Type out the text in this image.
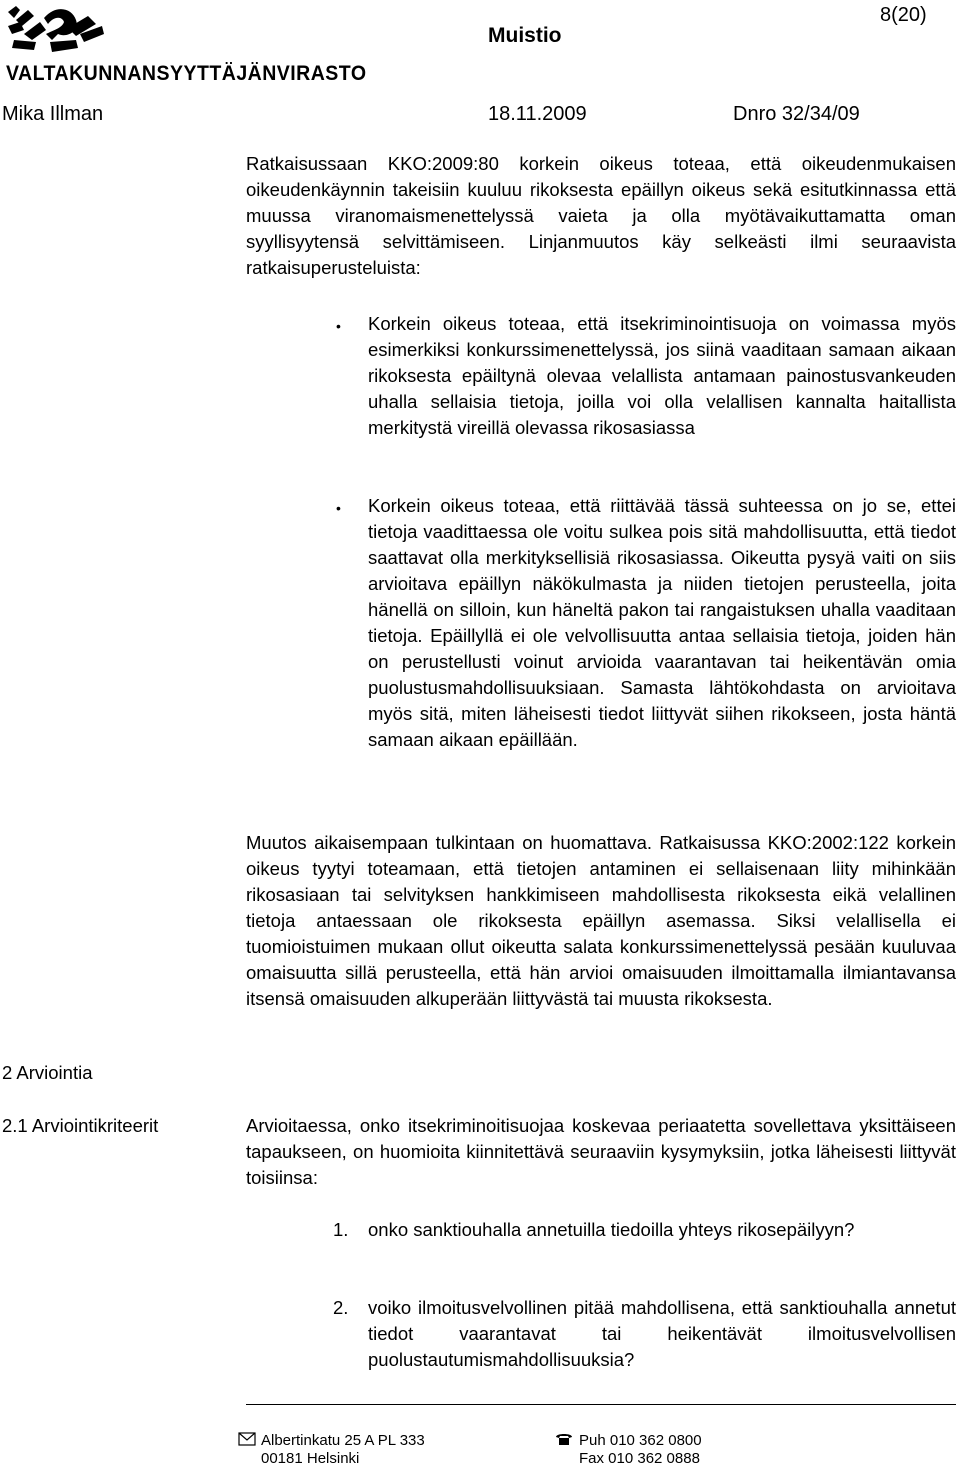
VALTAKUNNANSYYTTÄJÄNVIRASTO
Muistio
8(20)
Mika Illman	18.11.2009	Dnro 32/34/09
Ratkaisussaan KKO:2009:80 korkein oikeus toteaa, että oikeudenmukaisen oikeudenkäynnin takeisiin kuuluu rikoksesta epäillyn oikeus sekä esitutkinnassa että muussa viranomaismenettelyssä vaieta ja olla myötävaikuttamatta oman syyllisyytensä selvittämiseen. Linjanmuutos käy selkeästi ilmi seuraavista ratkaisuperusteluista:
• Korkein oikeus toteaa, että itsekriminointisuoja on voimassa myös esimerkiksi konkurssimenettelyssä, jos siinä vaaditaan samaan aikaan rikoksesta epäiltynä olevaa velallista antamaan painostusvankeuden uhalla sellaisia tietoja, joilla voi olla velallisen kannalta haitallista merkitystä vireillä olevassa rikosasiassa
• Korkein oikeus toteaa, että riittävää tässä suhteessa on jo se, ettei tietoja vaadittaessa ole voitu sulkea pois sitä mahdollisuutta, että tiedot saattavat olla merkityksellisiä rikosasiassa. Oikeutta pysyä vaiti on siis arvioitava epäillyn näkökulmasta ja niiden tietojen perusteella, joita hänellä on silloin, kun häneltä pakon tai rangaistuksen uhalla vaaditaan tietoja. Epäillyllä ei ole velvollisuutta antaa sellaisia tietoja, joiden hän on perustellusti voinut arvioida vaarantavan tai heikentävän omia puolustusmahdollisuuksiaan. Samasta lähtökohdasta on arvioitava myös sitä, miten läheisesti tiedot liittyvät siihen rikokseen, josta häntä samaan aikaan epäillään.
Muutos aikaisempaan tulkintaan on huomattava. Ratkaisussa KKO:2002:122 korkein oikeus tyytyi toteamaan, että tietojen antaminen ei sellaisenaan liity mihinkään rikosasiaan tai selvityksen hankkimiseen mahdollisesta rikoksesta eikä velallinen tietoja antaessaan ole rikoksesta epäillyn asemassa. Siksi velallisella ei tuomioistuimen mukaan ollut oikeutta salata konkurssimenettelyssä pesään kuuluvaa omaisuutta sillä perusteella, että hän arvioi omaisuuden ilmoittamalla ilmiantavansa itsensä omaisuuden alkuperään liittyvästä tai muusta rikoksesta.
2 Arviointia
2.1 Arviointikriteerit	Arvioitaessa, onko itsekriminoitisuojaa koskevaa periaatetta sovellettava yksittäiseen tapaukseen, on huomioita kiinnitettävä seuraaviin kysymyksiin, jotka läheisesti liittyvät toisiinsa:
1. onko sanktiouhalla annetuilla tiedoilla yhteys rikosepäilyyn?
2. voiko ilmoitusvelvollinen pitää mahdollisena, että sanktiouhalla annetut tiedot vaarantavat tai heikentävät ilmoitusvelvollisen puolustautumismahdollisuuksia?
Albertinkatu 25 A PL 333
00181 Helsinki
Puh 010 362 0800
Fax 010 362 0888
